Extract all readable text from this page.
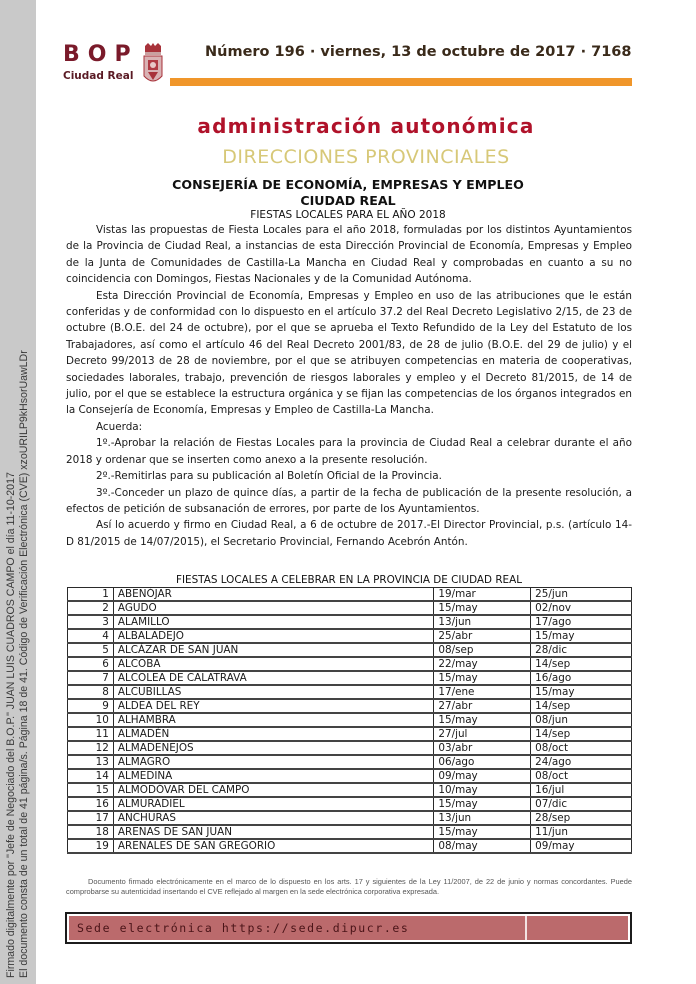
Firmado digitalmente por "Jefe de Negociado del B.O.P." JUAN LUIS CUADROS CAMPO el día 11-10-2017 El documento consta de un total de 41 página/s. Página 18 de 41. Código de Verificación Electrónica (CVE) xzoURILP9kHsorUawLDr
BOP
Ciudad Real
Número 196 · viernes, 13 de octubre de 2017 · 7168
administración autonómica
DIRECCIONES PROVINCIALES
CONSEJERÍA DE ECONOMÍA, EMPRESAS Y EMPLEO
CIUDAD REAL
FIESTAS LOCALES PARA EL AÑO 2018

Vistas las propuestas de Fiesta Locales para el año 2018, formuladas por los distintos Ayuntamientos de la Provincia de Ciudad Real, a instancias de esta Dirección Provincial de Economía, Empresas y Empleo de la Junta de Comunidades de Castilla-La Mancha en Ciudad Real y comprobadas en cuanto a su no coincidencia con Domingos, Fiestas Nacionales y de la Comunidad Autónoma.

Esta Dirección Provincial de Economía, Empresas y Empleo en uso de las atribuciones que le están conferidas y de conformidad con lo dispuesto en el artículo 37.2 del Real Decreto Legislativo 2/15, de 23 de octubre (B.O.E. del 24 de octubre), por el que se aprueba el Texto Refundido de la Ley del Estatuto de los Trabajadores, así como el artículo 46 del Real Decreto 2001/83, de 28 de julio (B.O.E. del 29 de julio) y el Decreto 99/2013 de 28 de noviembre, por el que se atribuyen competencias en materia de cooperativas, sociedades laborales, trabajo, prevención de riesgos laborales y empleo y el Decreto 81/2015, de 14 de julio, por el que se establece la estructura orgánica y se fijan las competencias de los órganos integrados en la Consejería de Economía, Empresas y Empleo de Castilla-La Mancha.

Acuerda:

1º.-Aprobar la relación de Fiestas Locales para la provincia de Ciudad Real a celebrar durante el año 2018 y ordenar que se inserten como anexo a la presente resolución.

2º.-Remitirlas para su publicación al Boletín Oficial de la Provincia.

3º.-Conceder un plazo de quince días, a partir de la fecha de publicación de la presente resolución, a efectos de petición de subsanación de errores, por parte de los Ayuntamientos.

Así lo acuerdo y firmo en Ciudad Real, a 6 de octubre de 2017.-El Director Provincial, p.s. (artículo 14-D 81/2015 de 14/07/2015), el Secretario Provincial, Fernando Acebrón Antón.

FIESTAS LOCALES A CELEBRAR EN LA PROVINCIA DE CIUDAD REAL
1	ABENÓJAR	19/mar	25/jun
2	AGUDO	15/may	02/nov
3	ALAMILLO	13/jun	17/ago
4	ALBALADEJO	25/abr	15/may
5	ALCÁZAR DE SAN JUAN	08/sep	28/dic
6	ALCOBA	22/may	14/sep
7	ALCOLEA DE CALATRAVA	15/may	16/ago
8	ALCUBILLAS	17/ene	15/may
9	ALDEA DEL REY	27/abr	14/sep
10	ALHAMBRA	15/may	08/jun
11	ALMADÉN	27/jul	14/sep
12	ALMADENEJOS	03/abr	08/oct
13	ALMAGRO	06/ago	24/ago
14	ALMEDINA	09/may	08/oct
15	ALMODÓVAR DEL CAMPO	10/may	16/jul
16	ALMURADIEL	15/may	07/dic
17	ANCHURAS	13/jun	28/sep
18	ARENAS DE SAN JUAN	15/may	11/jun
19	ARENALES DE SAN GREGORIO	08/may	09/may
Documento firmado electrónicamente en el marco de lo dispuesto en los arts. 17 y siguientes de la Ley 11/2007, de 22 de junio y normas concordantes. Puede comprobarse su autenticidad insertando el CVE reflejado al margen en la sede electrónica corporativa expresada.
Sede electrónica https://sede.dipucr.es
